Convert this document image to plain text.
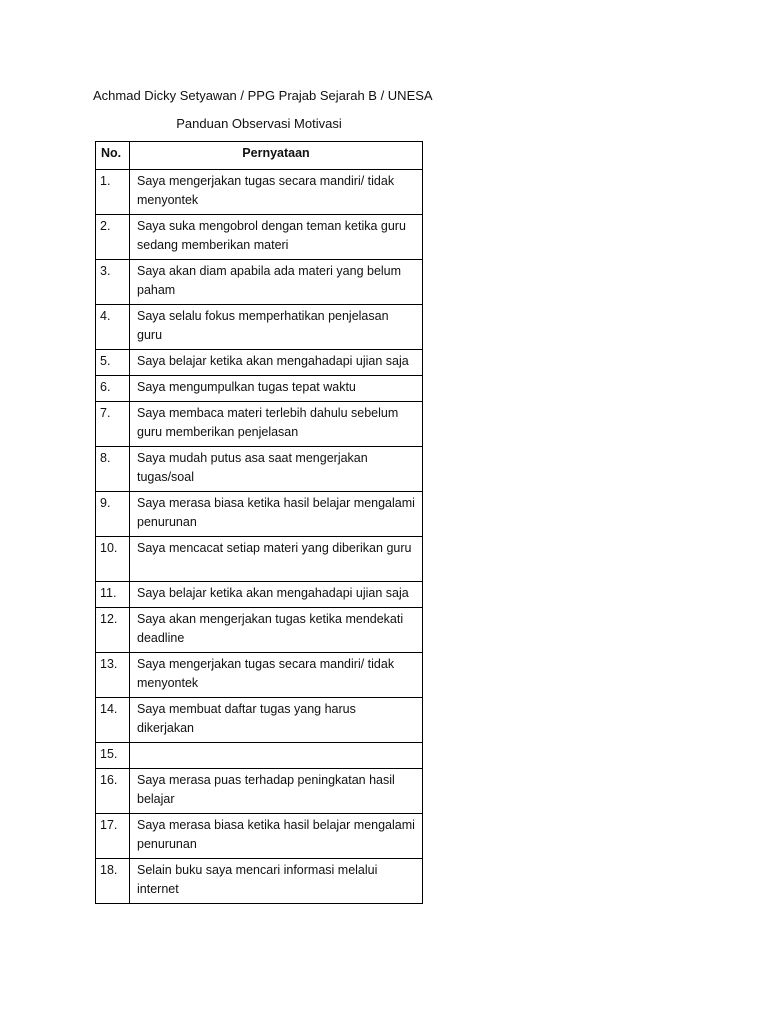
Achmad Dicky Setyawan / PPG Prajab Sejarah B / UNESA
Panduan Observasi Motivasi
No.	Pernyataan
1.	Saya mengerjakan tugas secara mandiri/ tidak menyontek
2.	Saya suka mengobrol dengan teman ketika guru sedang memberikan materi
3.	Saya akan diam apabila ada materi yang belum paham
4.	Saya selalu fokus memperhatikan penjelasan guru
5.	Saya belajar ketika akan mengahadapi ujian saja
6.	Saya mengumpulkan tugas tepat waktu
7.	Saya membaca materi terlebih dahulu sebelum guru memberikan penjelasan
8.	Saya mudah putus asa saat mengerjakan tugas/soal
9.	Saya merasa biasa ketika hasil belajar mengalami penurunan
10.	Saya mencacat setiap materi yang diberikan guru
11.	Saya belajar ketika akan mengahadapi ujian saja
12.	Saya akan mengerjakan tugas ketika mendekati deadline
13.	Saya mengerjakan tugas secara mandiri/ tidak menyontek
14.	Saya membuat daftar tugas yang harus dikerjakan
15.	
16.	Saya merasa puas terhadap peningkatan hasil belajar
17.	Saya merasa biasa ketika hasil belajar mengalami penurunan
18.	Selain buku saya mencari informasi melalui internet
